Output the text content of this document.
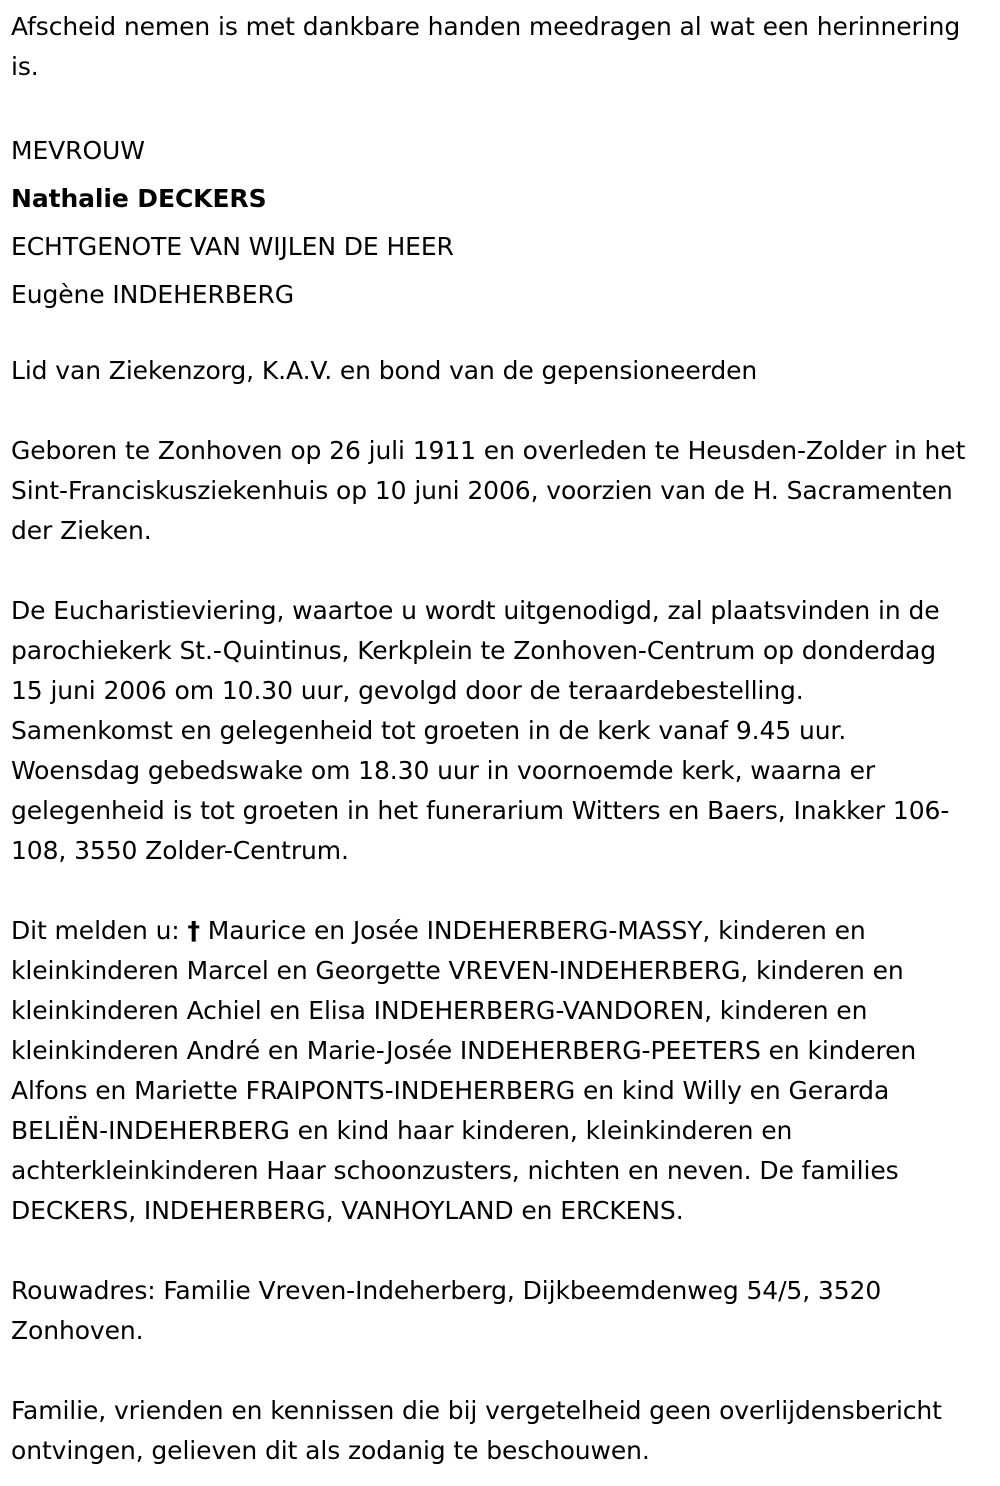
Afscheid nemen is met dankbare handen meedragen al wat een herinnering is.

MEVROUW

Nathalie DECKERS

ECHTGENOTE VAN WIJLEN DE HEER

Eugène INDEHERBERG

Lid van Ziekenzorg, K.A.V. en bond van de gepensioneerden

Geboren te Zonhoven op 26 juli 1911 en overleden te Heusden-Zolder in het Sint-Franciskusziekenhuis op 10 juni 2006, voorzien van de H. Sacramenten der Zieken.

De Eucharistieviering, waartoe u wordt uitgenodigd, zal plaatsvinden in de parochiekerk St.-Quintinus, Kerkplein te Zonhoven-Centrum op donderdag 15 juni 2006 om 10.30 uur, gevolgd door de teraardebestelling. Samenkomst en gelegenheid tot groeten in de kerk vanaf 9.45 uur. Woensdag gebedswake om 18.30 uur in voornoemde kerk, waarna er gelegenheid is tot groeten in het funerarium Witters en Baers, Inakker 106-108, 3550 Zolder-Centrum.

Dit melden u: † Maurice en Josée INDEHERBERG-MASSY, kinderen en kleinkinderen Marcel en Georgette VREVEN-INDEHERBERG, kinderen en kleinkinderen Achiel en Elisa INDEHERBERG-VANDOREN, kinderen en kleinkinderen André en Marie-Josée INDEHERBERG-PEETERS en kinderen Alfons en Mariette FRAIPONTS-INDEHERBERG en kind Willy en Gerarda BELIËN-INDEHERBERG en kind haar kinderen, kleinkinderen en achterkleinkinderen Haar schoonzusters, nichten en neven. De families DECKERS, INDEHERBERG, VANHOYLAND en ERCKENS.

Rouwadres: Familie Vreven-Indeherberg, Dijkbeemdenweg 54/5, 3520 Zonhoven.

Familie, vrienden en kennissen die bij vergetelheid geen overlijdensbericht ontvingen, gelieven dit als zodanig te beschouwen.
